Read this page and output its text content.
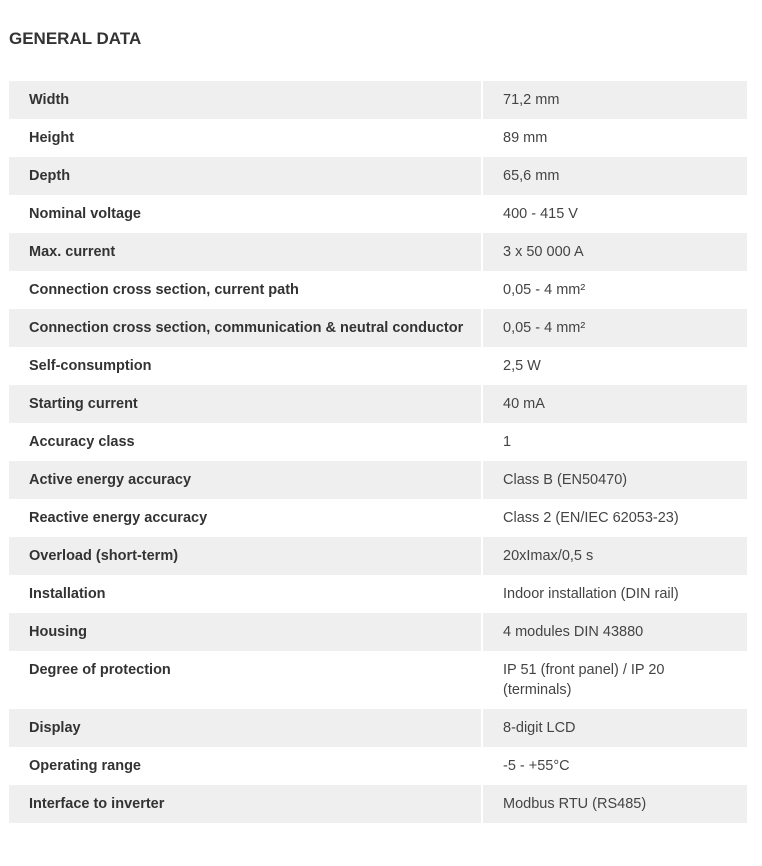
GENERAL DATA
Width	71,2 mm
Height	89 mm
Depth	65,6 mm
Nominal voltage	400 - 415 V
Max. current	3 x 50 000 A
Connection cross section, current path	0,05 - 4 mm²
Connection cross section, communication & neutral conductor	0,05 - 4 mm²
Self-consumption	2,5 W
Starting current	40 mA
Accuracy class	1
Active energy accuracy	Class B (EN50470)
Reactive energy accuracy	Class 2 (EN/IEC 62053-23)
Overload (short-term)	20xImax/0,5 s
Installation	Indoor installation (DIN rail)
Housing	4 modules DIN 43880
Degree of protection	IP 51 (front panel) / IP 20 (terminals)
Display	8-digit LCD
Operating range	-5 - +55°C
Interface to inverter	Modbus RTU (RS485)
